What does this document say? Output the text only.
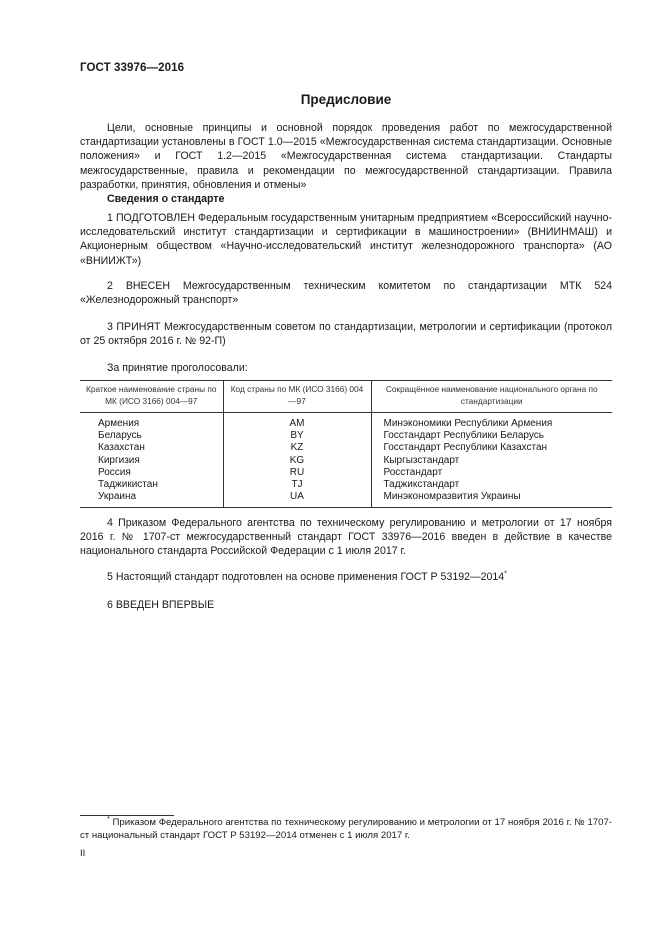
ГОСТ 33976—2016
Предисловие
Цели, основные принципы и основной порядок проведения работ по межгосударственной стандартизации установлены в ГОСТ 1.0—2015 «Межгосударственная система стандартизации. Основные положения» и ГОСТ 1.2—2015 «Межгосударственная система стандартизации. Стандарты межгосударственные, правила и рекомендации по межгосударственной стандартизации. Правила разработки, принятия, обновления и отмены»
Сведения о стандарте
1 ПОДГОТОВЛЕН Федеральным государственным унитарным предприятием «Всероссийский научно-исследовательский институт стандартизации и сертификации в машиностроении» (ВНИИНМАШ) и Акционерным обществом «Научно-исследовательский институт железнодорожного транспорта» (АО «ВНИИЖТ»)
2 ВНЕСЕН Межгосударственным техническим комитетом по стандартизации МТК 524 «Железнодорожный транспорт»
3 ПРИНЯТ Межгосударственным советом по стандартизации, метрологии и сертификации (протокол от 25 октября 2016 г. № 92-П)
За принятие проголосовали:
Краткое наименование страны по МК (ИСО 3166) 004—97	Код страны по МК (ИСО 3166) 004—97	Сокращённое наименование национального органа по стандартизации
Армения	AM	Минэкономики Республики Армения
Беларусь	BY	Госстандарт Республики Беларусь
Казахстан	KZ	Госстандарт Республики Казахстан
Киргизия	KG	Кыргызстандарт
Россия	RU	Росстандарт
Таджикистан	TJ	Таджикстандарт
Украина	UA	Минэкономразвития Украины
4 Приказом Федерального агентства по техническому регулированию и метрологии от 17 ноября 2016 г. № 1707-ст межгосударственный стандарт ГОСТ 33976—2016 введен в действие в качестве национального стандарта Российской Федерации с 1 июля 2017 г.
5 Настоящий стандарт подготовлен на основе применения ГОСТ Р 53192—2014*
6 ВВЕДЕН ВПЕРВЫЕ
* Приказом Федерального агентства по техническому регулированию и метрологии от 17 ноября 2016 г. № 1707-ст национальный стандарт ГОСТ Р 53192—2014 отменен с 1 июля 2017 г.
II
